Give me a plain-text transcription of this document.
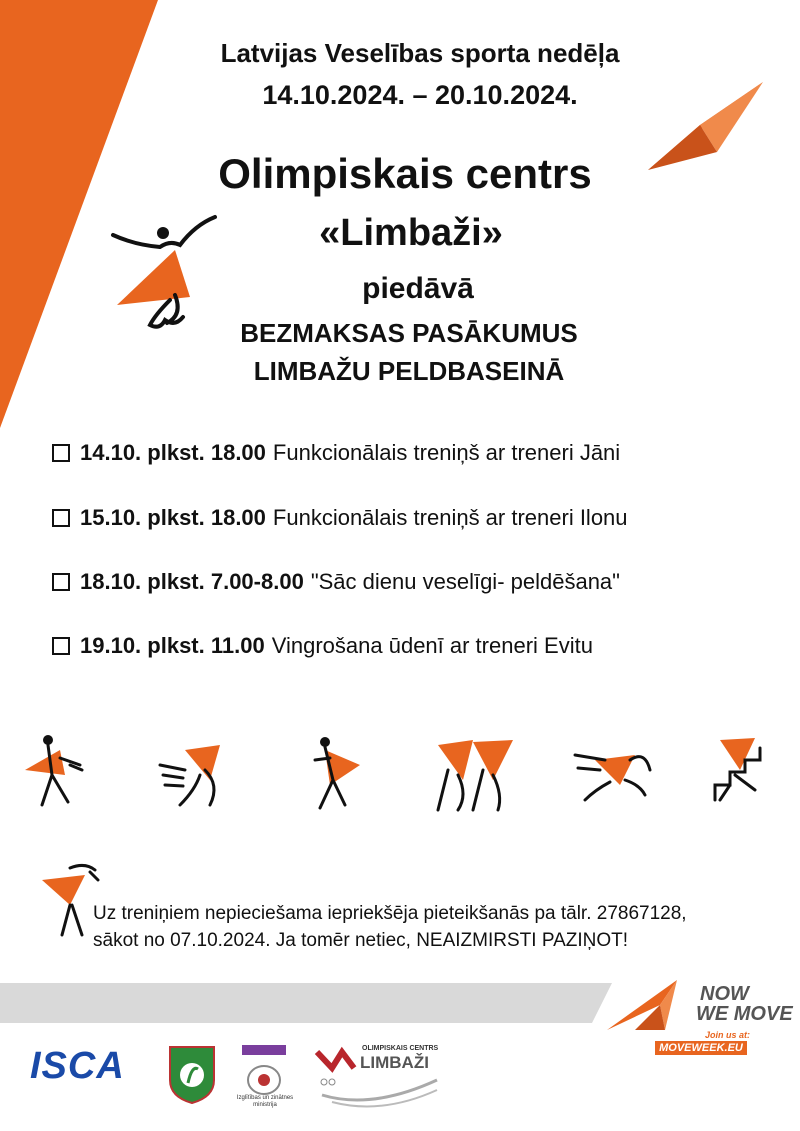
Latvijas Veselības sporta nedēļa
14.10.2024. – 20.10.2024.
Olimpiskais centrs
«Limbaži»
piedāvā
BEZMAKSAS PASĀKUMUS
LIMBAŽU PELDBASEINĀ
14.10. plkst. 18.00 Funkcionālais treniņš ar treneri Jāni
15.10. plkst. 18.00 Funkcionālais treniņš ar treneri Ilonu
18.10. plkst. 7.00-8.00 "Sāc dienu veselīgi- peldēšana"
19.10. plkst. 11.00 Vingrošana ūdenī ar treneri Evitu
Uz treniņiem nepieciešama iepriekšēja pieteikšanās pa tālr. 27867128,
sākot no 07.10.2024. Ja tomēr netiec, NEAIZMIRSTI PAZIŅOT!
NOW
WE MOVE
Join us at:
MOVEWEEK.EU
ISCA
Izglītības un zinātnes ministrija
OLIMPISKAIS CENTRS
LIMBAŽI
